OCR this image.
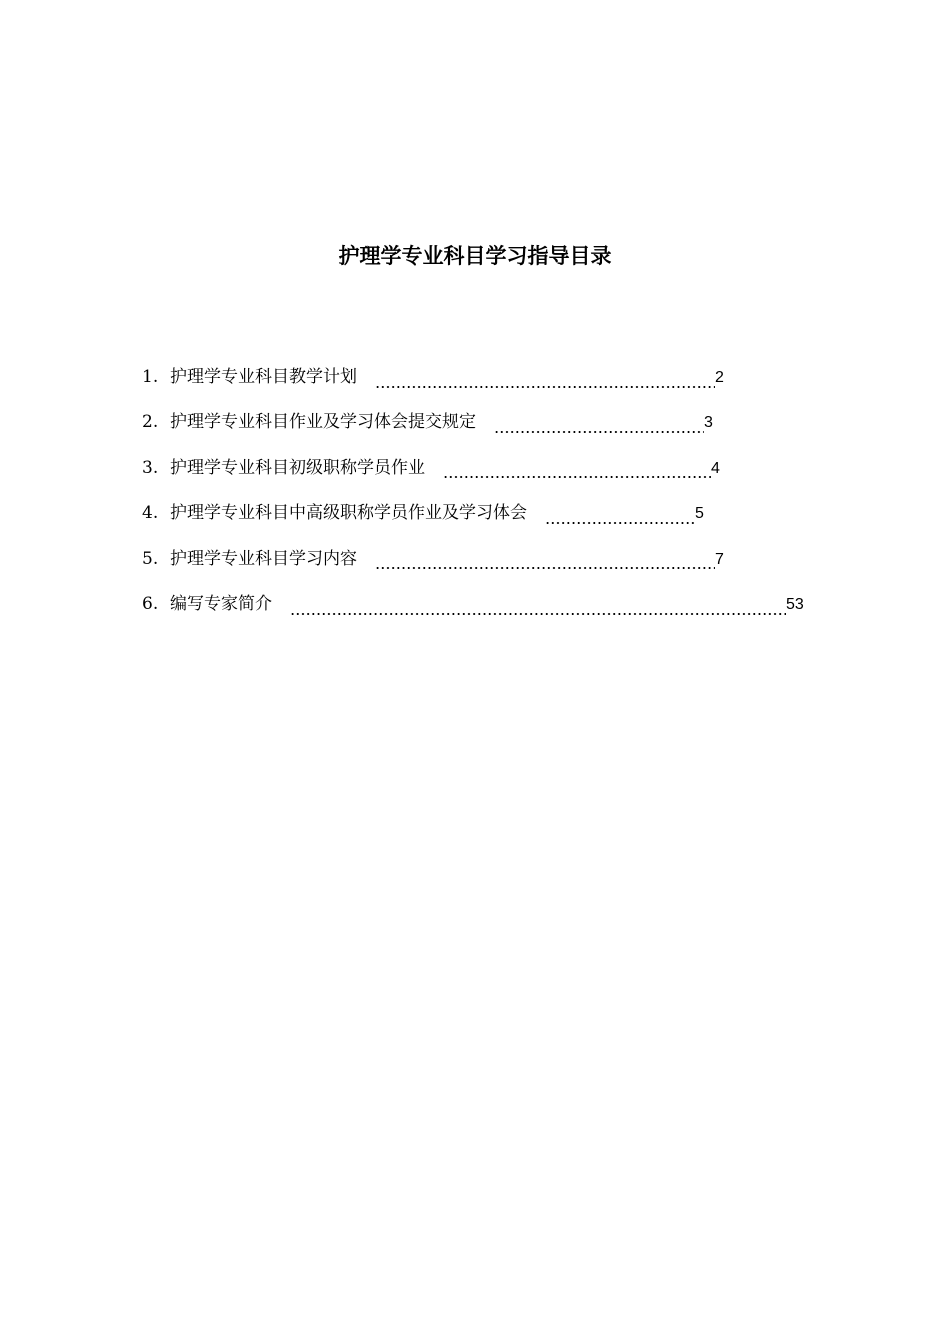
护理学专业科目学习指导目录
1. 护理学专业科目教学计划	2
2. 护理学专业科目作业及学习体会提交规定	3
3. 护理学专业科目初级职称学员作业	4
4. 护理学专业科目中高级职称学员作业及学习体会	5
5. 护理学专业科目学习内容	7
6. 编写专家简介	53
